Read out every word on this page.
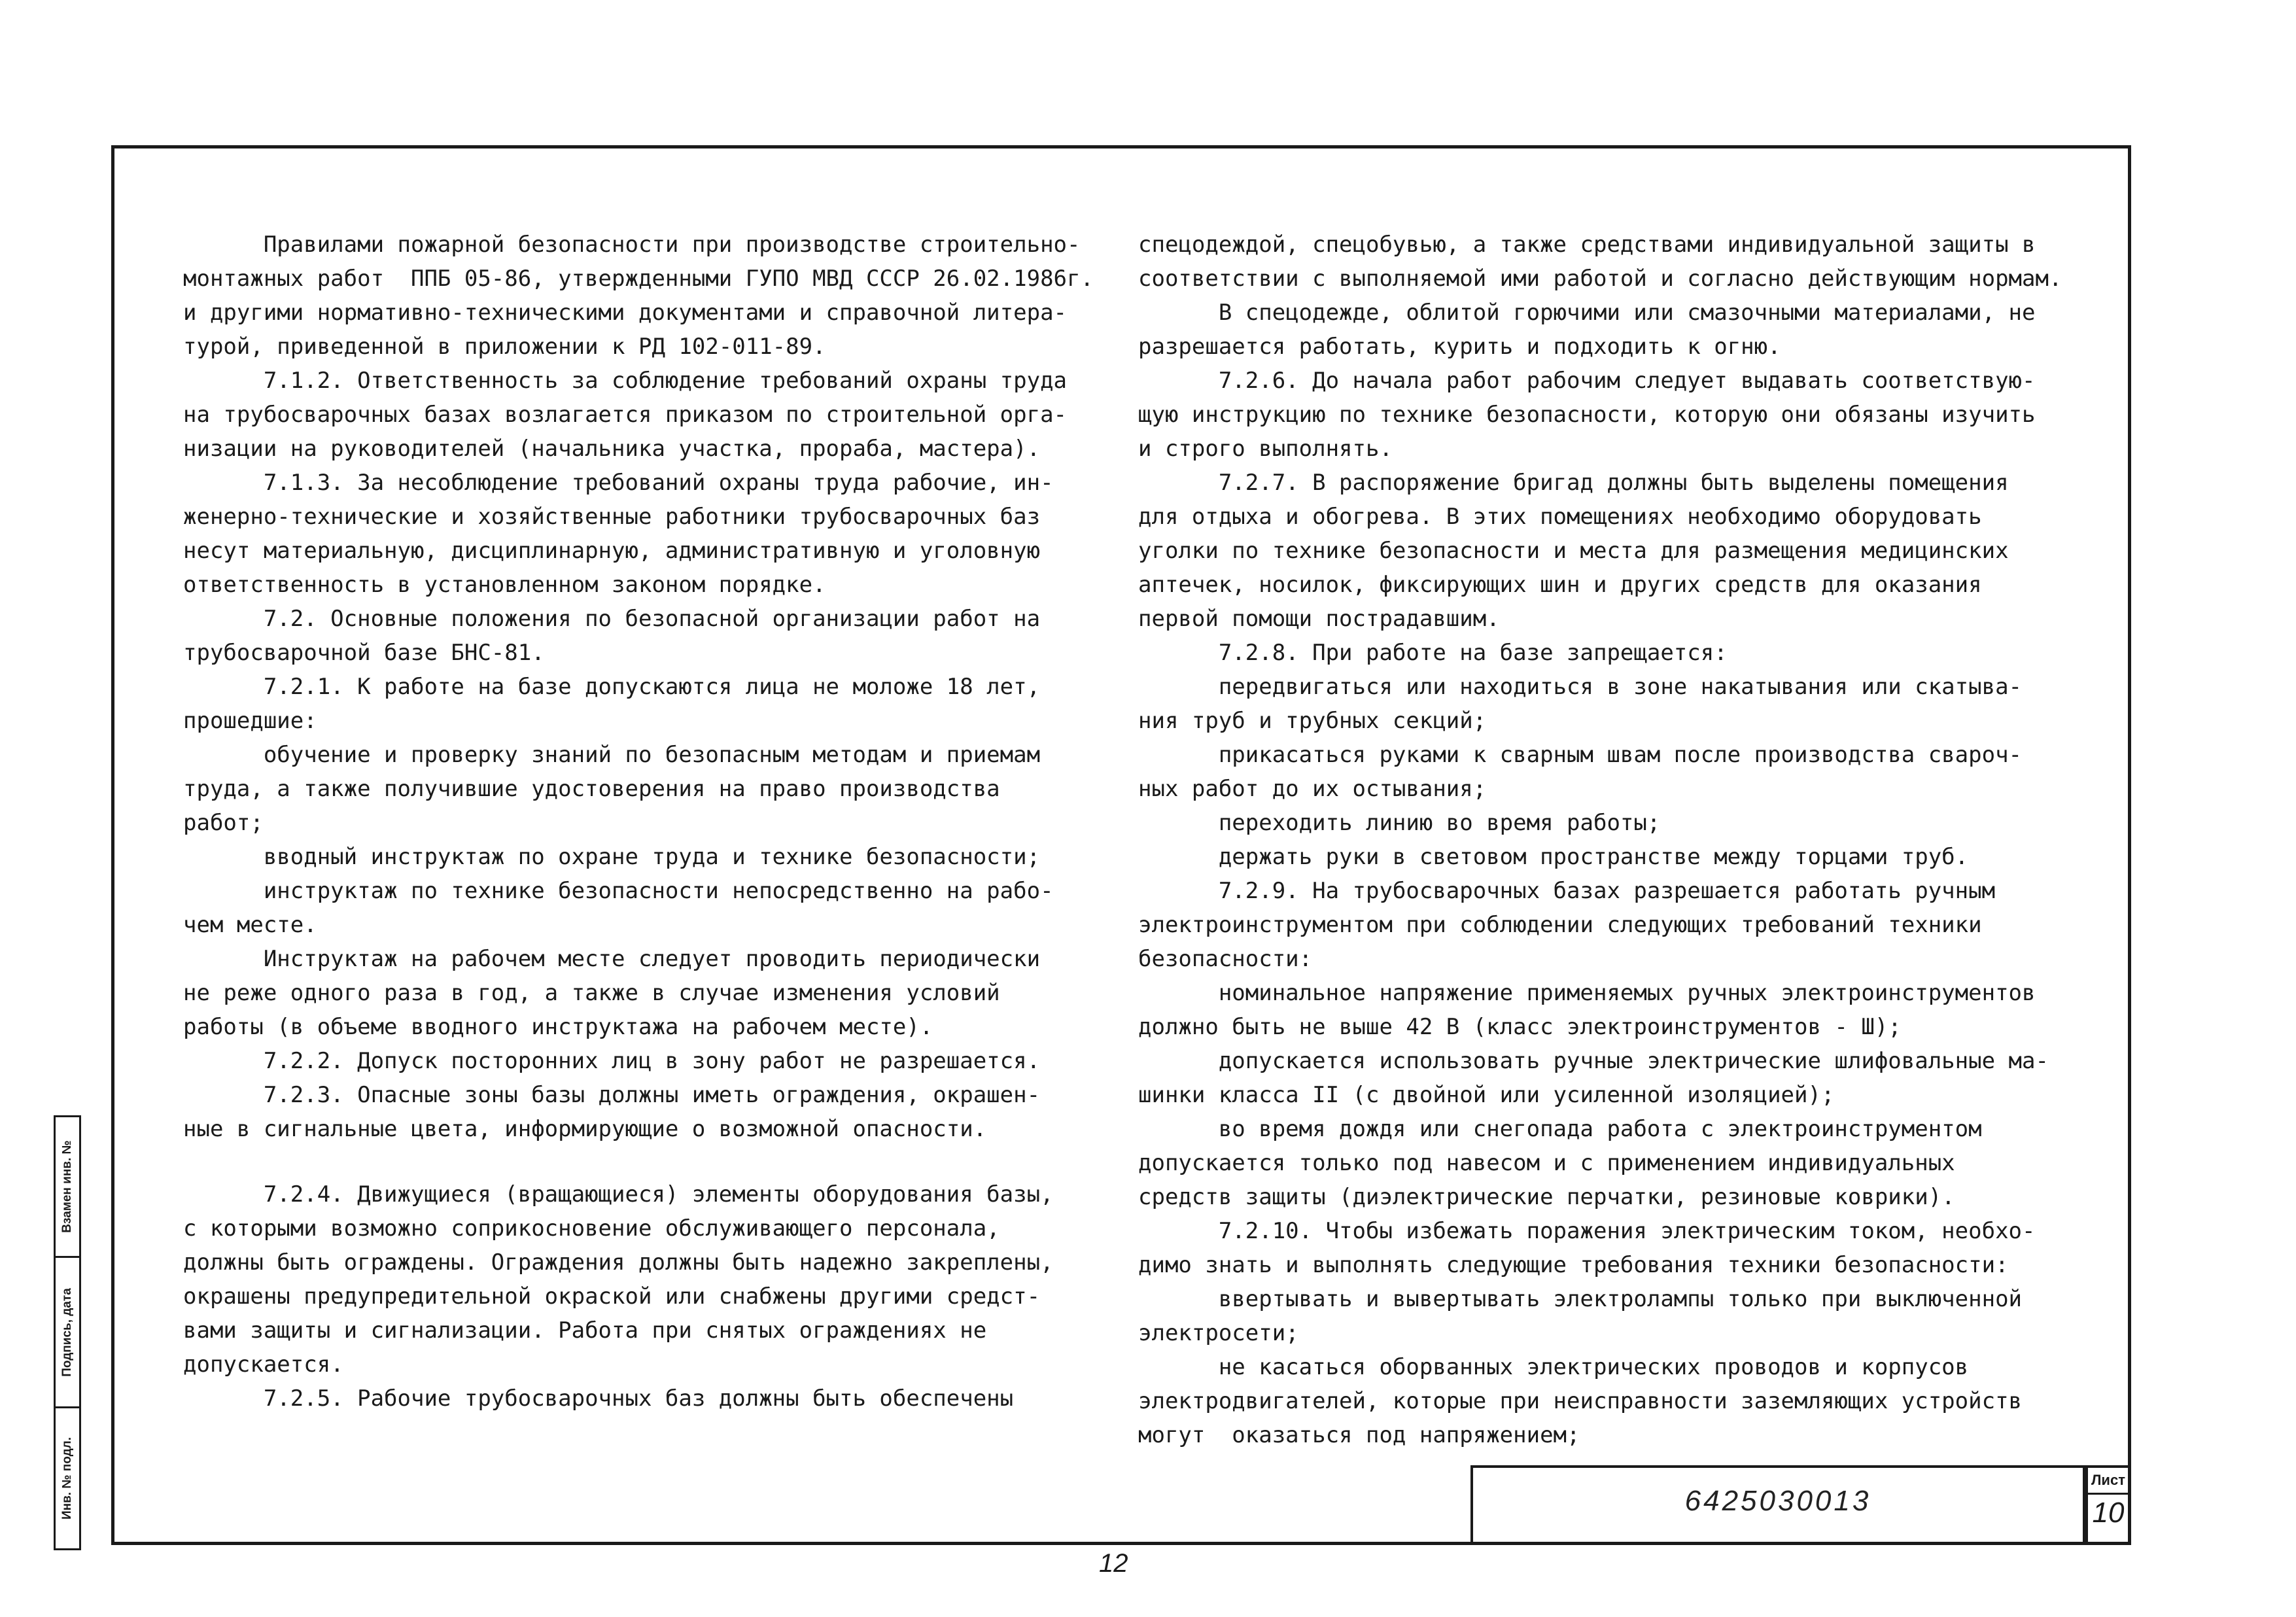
Правилами пожарной безопасности при производстве строительно-

монтажных работ  ППБ 05-86, утвержденными ГУПО МВД СССР 26.02.1986г.

и другими нормативно-техническими документами и справочной литера-

турой, приведенной в приложении к РД 102-011-89.

7.1.2. Ответственность за соблюдение требований охраны труда

на трубосварочных базах возлагается приказом по строительной орга-

низации на руководителей (начальника участка, прораба, мастера).

7.1.3. За несоблюдение требований охраны труда рабочие, ин-

женерно-технические и хозяйственные работники трубосварочных баз

несут материальную, дисциплинарную, административную и уголовную

ответственность в установленном законом порядке.

7.2. Основные положения по безопасной организации работ на

трубосварочной базе БНС-81.

7.2.1. К работе на базе допускаются лица не моложе 18 лет,

прошедшие:

обучение и проверку знаний по безопасным методам и приемам

труда, а также получившие удостоверения на право производства

работ;

вводный инструктаж по охране труда и технике безопасности;

инструктаж по технике безопасности непосредственно на рабо-

чем месте.

Инструктаж на рабочем месте следует проводить периодически

не реже одного раза в год, а также в случае изменения условий

работы (в объеме вводного инструктажа на рабочем месте).

7.2.2. Допуск посторонних лиц в зону работ не разрешается.

7.2.3. Опасные зоны базы должны иметь ограждения, окрашен-

ные в сигнальные цвета, информирующие о возможной опасности.

7.2.4. Движущиеся (вращающиеся) элементы оборудования базы,

с которыми возможно соприкосновение обслуживающего персонала,

должны быть ограждены. Ограждения должны быть надежно закреплены,

окрашены предупредительной окраской или снабжены другими средст-

вами защиты и сигнализации. Работа при снятых ограждениях не

допускается.

7.2.5. Рабочие трубосварочных баз должны быть обеспечены

спецодеждой, спецобувью, а также средствами индивидуальной защиты в

соответствии с выполняемой ими работой и согласно действующим нормам.

В спецодежде, облитой горючими или смазочными материалами, не

разрешается работать, курить и подходить к огню.

7.2.6. До начала работ рабочим следует выдавать соответствую-

щую инструкцию по технике безопасности, которую они обязаны изучить

и строго выполнять.

7.2.7. В распоряжение бригад должны быть выделены помещения

для отдыха и обогрева. В этих помещениях необходимо оборудовать

уголки по технике безопасности и места для размещения медицинских

аптечек, носилок, фиксирующих шин и других средств для оказания

первой помощи пострадавшим.

7.2.8. При работе на базе запрещается:

передвигаться или находиться в зоне накатывания или скатыва-

ния труб и трубных секций;

прикасаться руками к сварным швам после производства свароч-

ных работ до их остывания;

переходить линию во время работы;

держать руки в световом пространстве между торцами труб.

7.2.9. На трубосварочных базах разрешается работать ручным

электроинструментом при соблюдении следующих требований техники

безопасности:

номинальное напряжение применяемых ручных электроинструментов

должно быть не выше 42 В (класс электроинструментов - Ш);

допускается использовать ручные электрические шлифовальные ма-

шинки класса II (с двойной или усиленной изоляцией);

во время дождя или снегопада работа с электроинструментом

допускается только под навесом и с применением индивидуальных

средств защиты (диэлектрические перчатки, резиновые коврики).

7.2.10. Чтобы избежать поражения электрическим током, необхо-

димо знать и выполнять следующие требования техники безопасности:

ввертывать и вывертывать электролампы только при выключенной

электросети;

не касаться оборванных электрических проводов и корпусов

электродвигателей, которые при неисправности заземляющих устройств

могут  оказаться под напряжением;

Взамен инв. №
Подпись, дата
Инв. № подл.	6425030013
Лист
10
12
